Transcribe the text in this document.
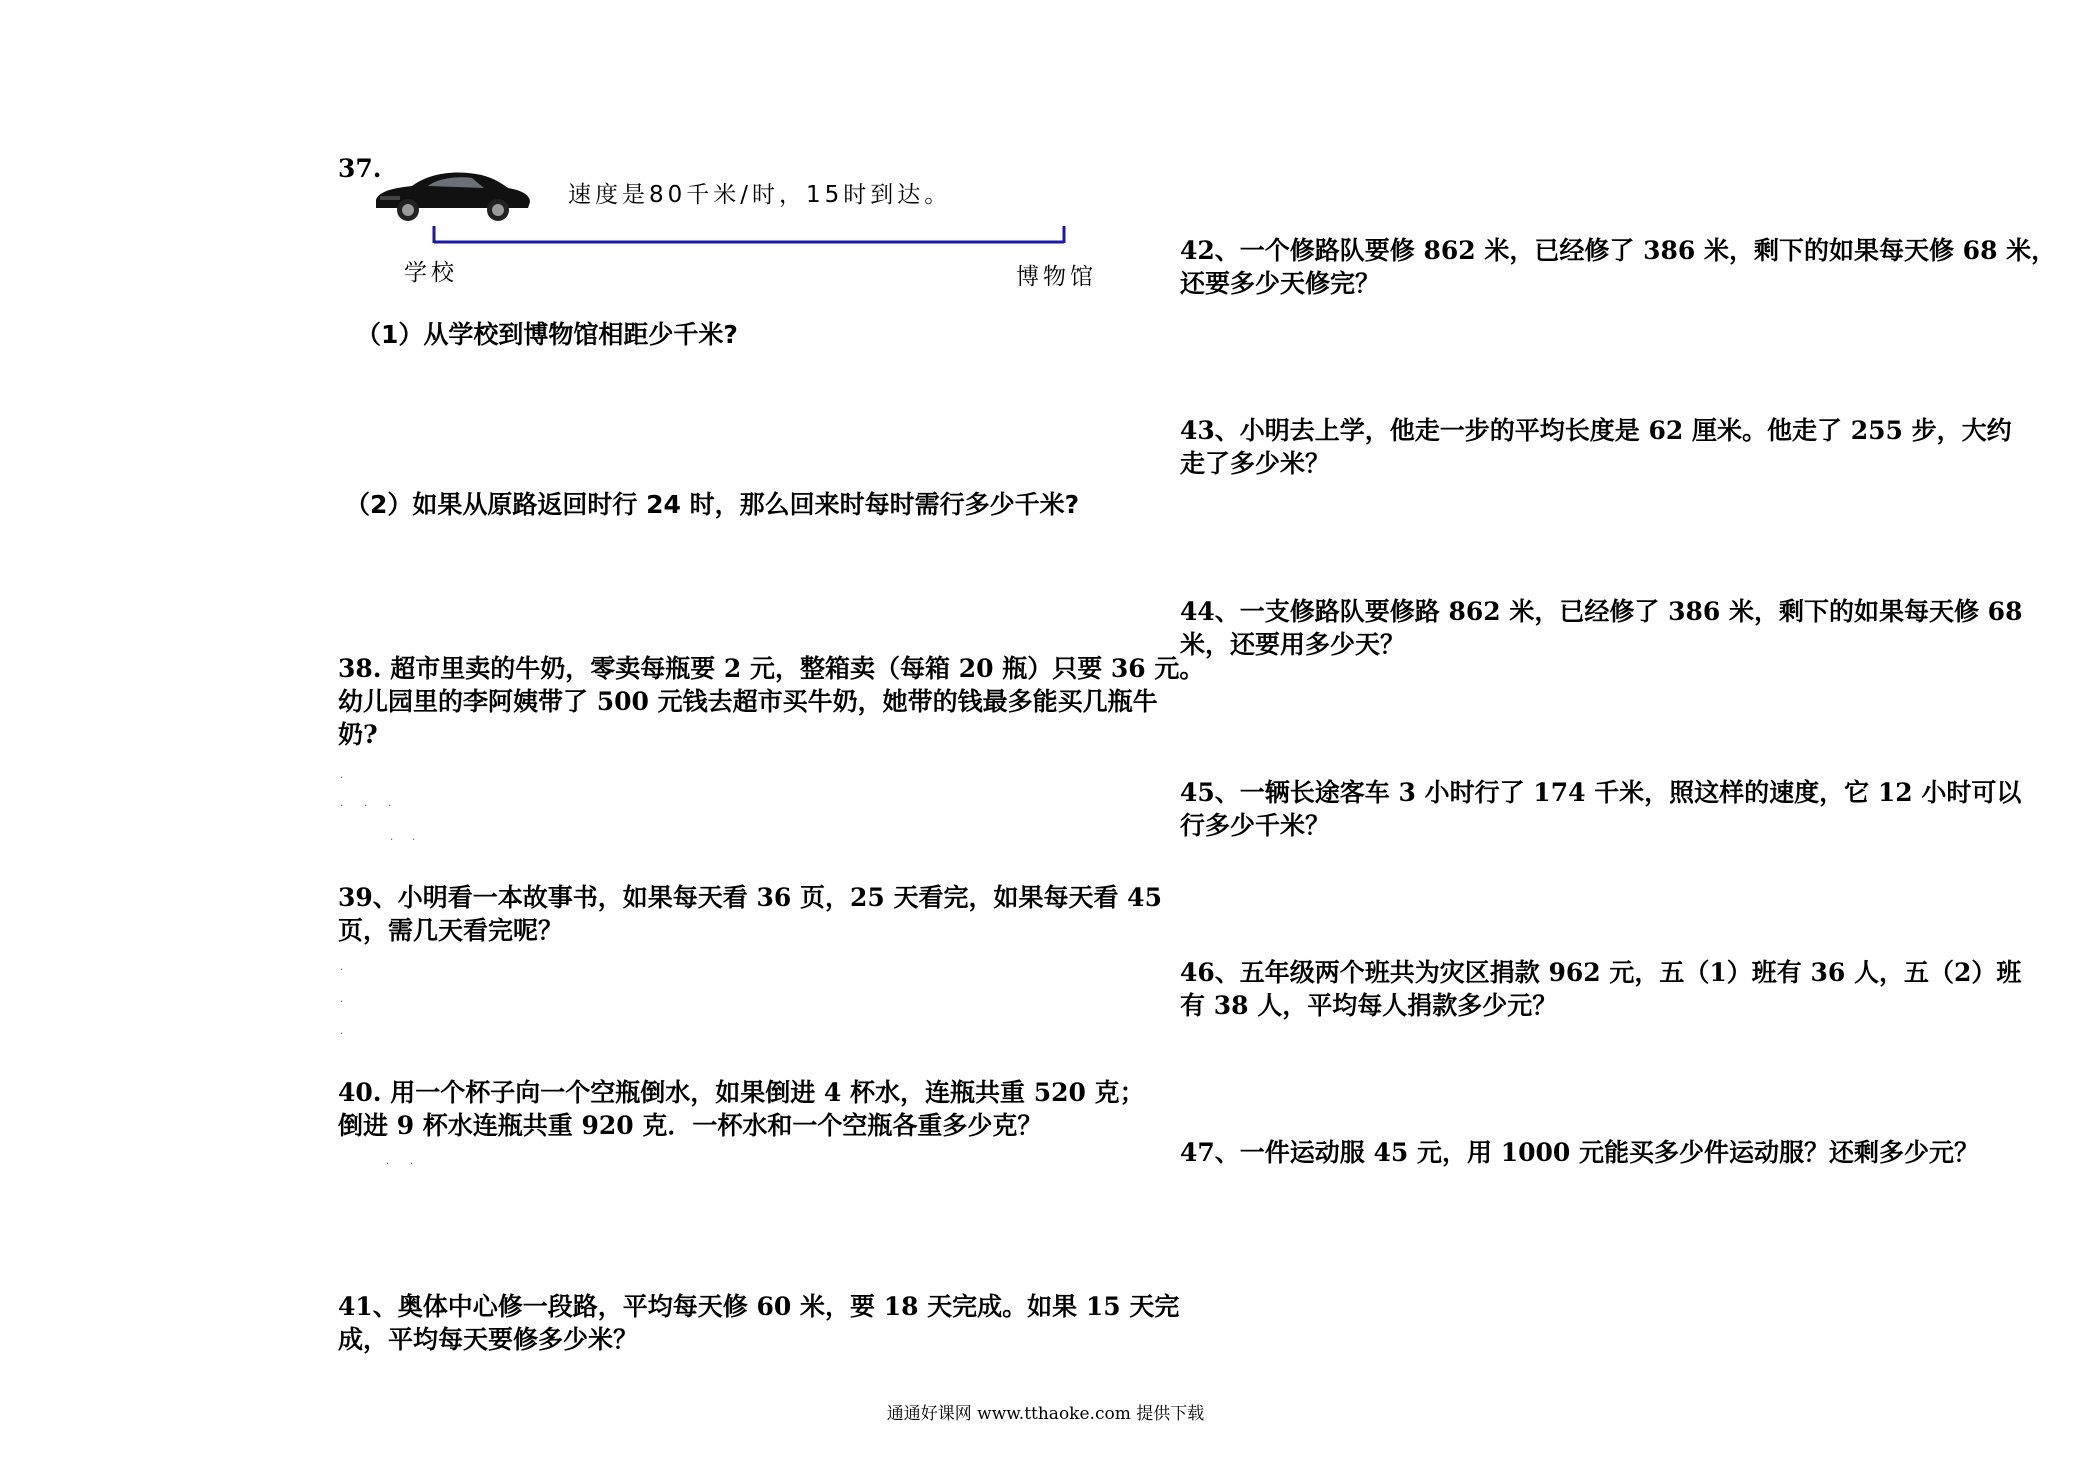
37.
速度是80千米/时，15时到达。
学校	博物馆
（1）从学校到博物馆相距少千米?
（2）如果从原路返回时行 24 时，那么回来时每时需行多少千米?
38. 超市里卖的牛奶，零卖每瓶要 2 元，整箱卖（每箱 20 瓶）只要 36 元。
幼儿园里的李阿姨带了 500 元钱去超市买牛奶，她带的钱最多能买几瓶牛
奶?
.
. . .
. .
39、小明看一本故事书，如果每天看 36 页，25 天看完，如果每天看 45
页，需几天看完呢？
.
.
.
40. 用一个杯子向一个空瓶倒水，如果倒进 4 杯水，连瓶共重 520 克；
倒进 9 杯水连瓶共重 920 克．一杯水和一个空瓶各重多少克？
. .
41、奥体中心修一段路，平均每天修 60 米，要 18 天完成。如果 15 天完
成，平均每天要修多少米？
42、一个修路队要修 862 米，已经修了 386 米，剩下的如果每天修 68 米，
还要多少天修完？
43、小明去上学，他走一步的平均长度是 62 厘米。他走了 255 步，大约
走了多少米？
44、一支修路队要修路 862 米，已经修了 386 米，剩下的如果每天修 68
米，还要用多少天？
45、一辆长途客车 3 小时行了 174 千米，照这样的速度，它 12 小时可以
行多少千米？
46、五年级两个班共为灾区捐款 962 元，五（1）班有 36 人，五（2）班
有 38 人，平均每人捐款多少元？
47、一件运动服 45 元，用 1000 元能买多少件运动服？还剩多少元？
通通好课网 www.tthaoke.com 提供下载
